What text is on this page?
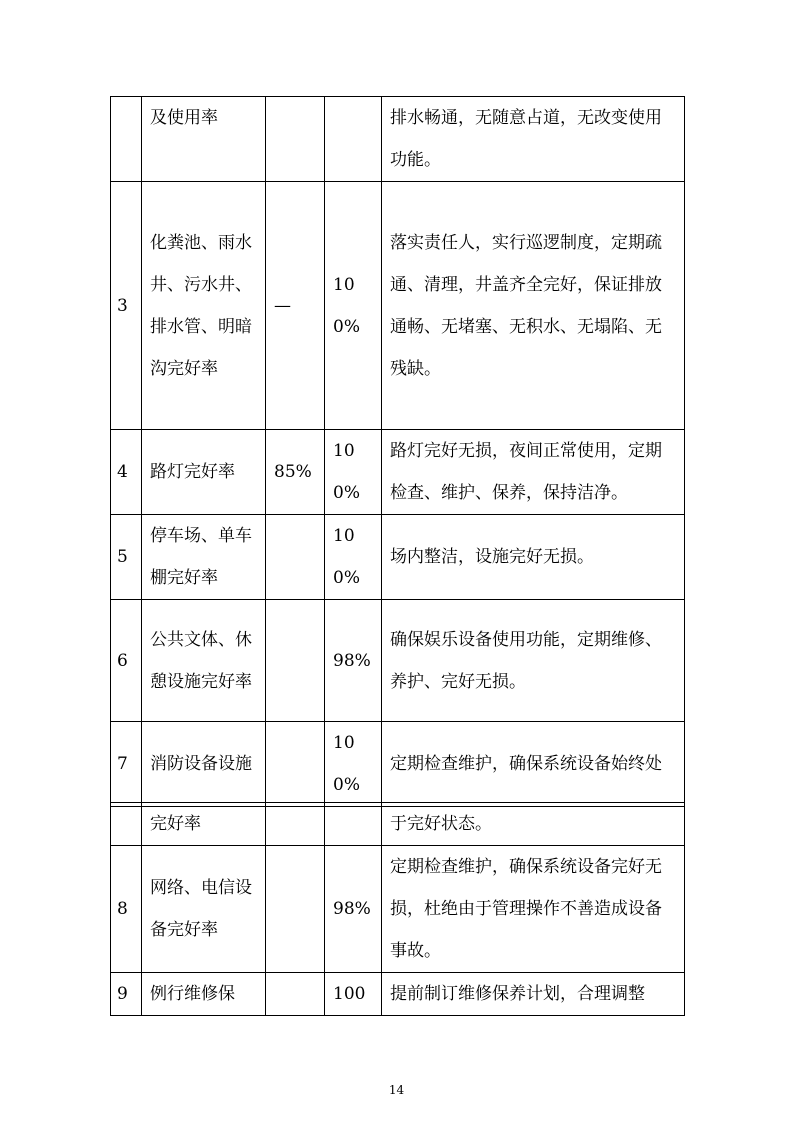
	及使用率			排水畅通，无随意占道，无改变使用功能。
3	化粪池、雨水井、污水井、排水管、明暗沟完好率	—	100%	落实责任人，实行巡逻制度，定期疏通、清理，井盖齐全完好，保证排放通畅、无堵塞、无积水、无塌陷、无残缺。
4	路灯完好率	85%	100%	路灯完好无损，夜间正常使用，定期检查、维护、保养，保持洁净。
5	停车场、单车棚完好率		100%	场内整洁，设施完好无损。
6	公共文体、休憩设施完好率		98%	确保娱乐设备使用功能，定期维修、养护、完好无损。
7	消防设备设施		100%	定期检查维护，确保系统设备始终处
	完好率			于完好状态。
8	网络、电信设备完好率		98%	定期检查维护，确保系统设备完好无损，杜绝由于管理操作不善造成设备事故。
9	例行维修保		100	提前制订维修保养计划，合理调整
14
